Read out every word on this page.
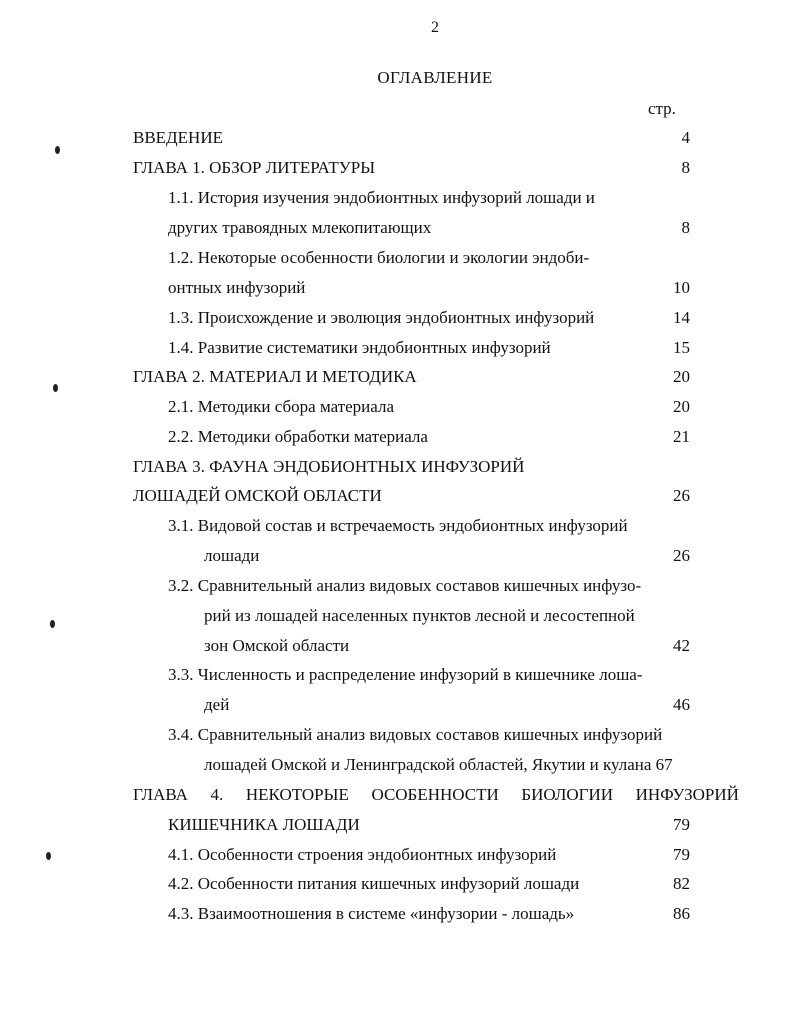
2
ОГЛАВЛЕНИЕ
стр.
ВВЕДЕНИЕ	4
ГЛАВА 1. ОБЗОР ЛИТЕРАТУРЫ	8
1.1. История изучения эндобионтных инфузорий лошади и
других травоядных млекопитающих	8
1.2. Некоторые особенности биологии и экологии эндоби-
онтных инфузорий	10
1.3. Происхождение и эволюция эндобионтных инфузорий	14
1.4. Развитие систематики эндобионтных инфузорий	15
ГЛАВА 2. МАТЕРИАЛ И МЕТОДИКА	20
2.1. Методики сбора материала	20
2.2. Методики обработки материала	21
ГЛАВА 3. ФАУНА ЭНДОБИОНТНЫХ ИНФУЗОРИЙ
ЛОШАДЕЙ ОМСКОЙ ОБЛАСТИ	26
3.1. Видовой состав и встречаемость эндобионтных инфузорий
лошади	26
3.2. Сравнительный анализ видовых составов кишечных инфузо-
рий из лошадей населенных пунктов лесной и лесостепной
зон Омской области	42
3.3. Численность и распределение инфузорий в кишечнике лоша-
дей	46
3.4. Сравнительный анализ видовых составов кишечных инфузорий
лошадей Омской и Ленинградской областей, Якутии и кулана 67
ГЛАВА 4. НЕКОТОРЫЕ ОСОБЕННОСТИ БИОЛОГИИ ИНФУЗОРИЙ
КИШЕЧНИКА ЛОШАДИ	79
4.1. Особенности строения эндобионтных инфузорий	79
4.2. Особенности питания кишечных инфузорий лошади	82
4.3. Взаимоотношения в системе «инфузории - лошадь»	86
